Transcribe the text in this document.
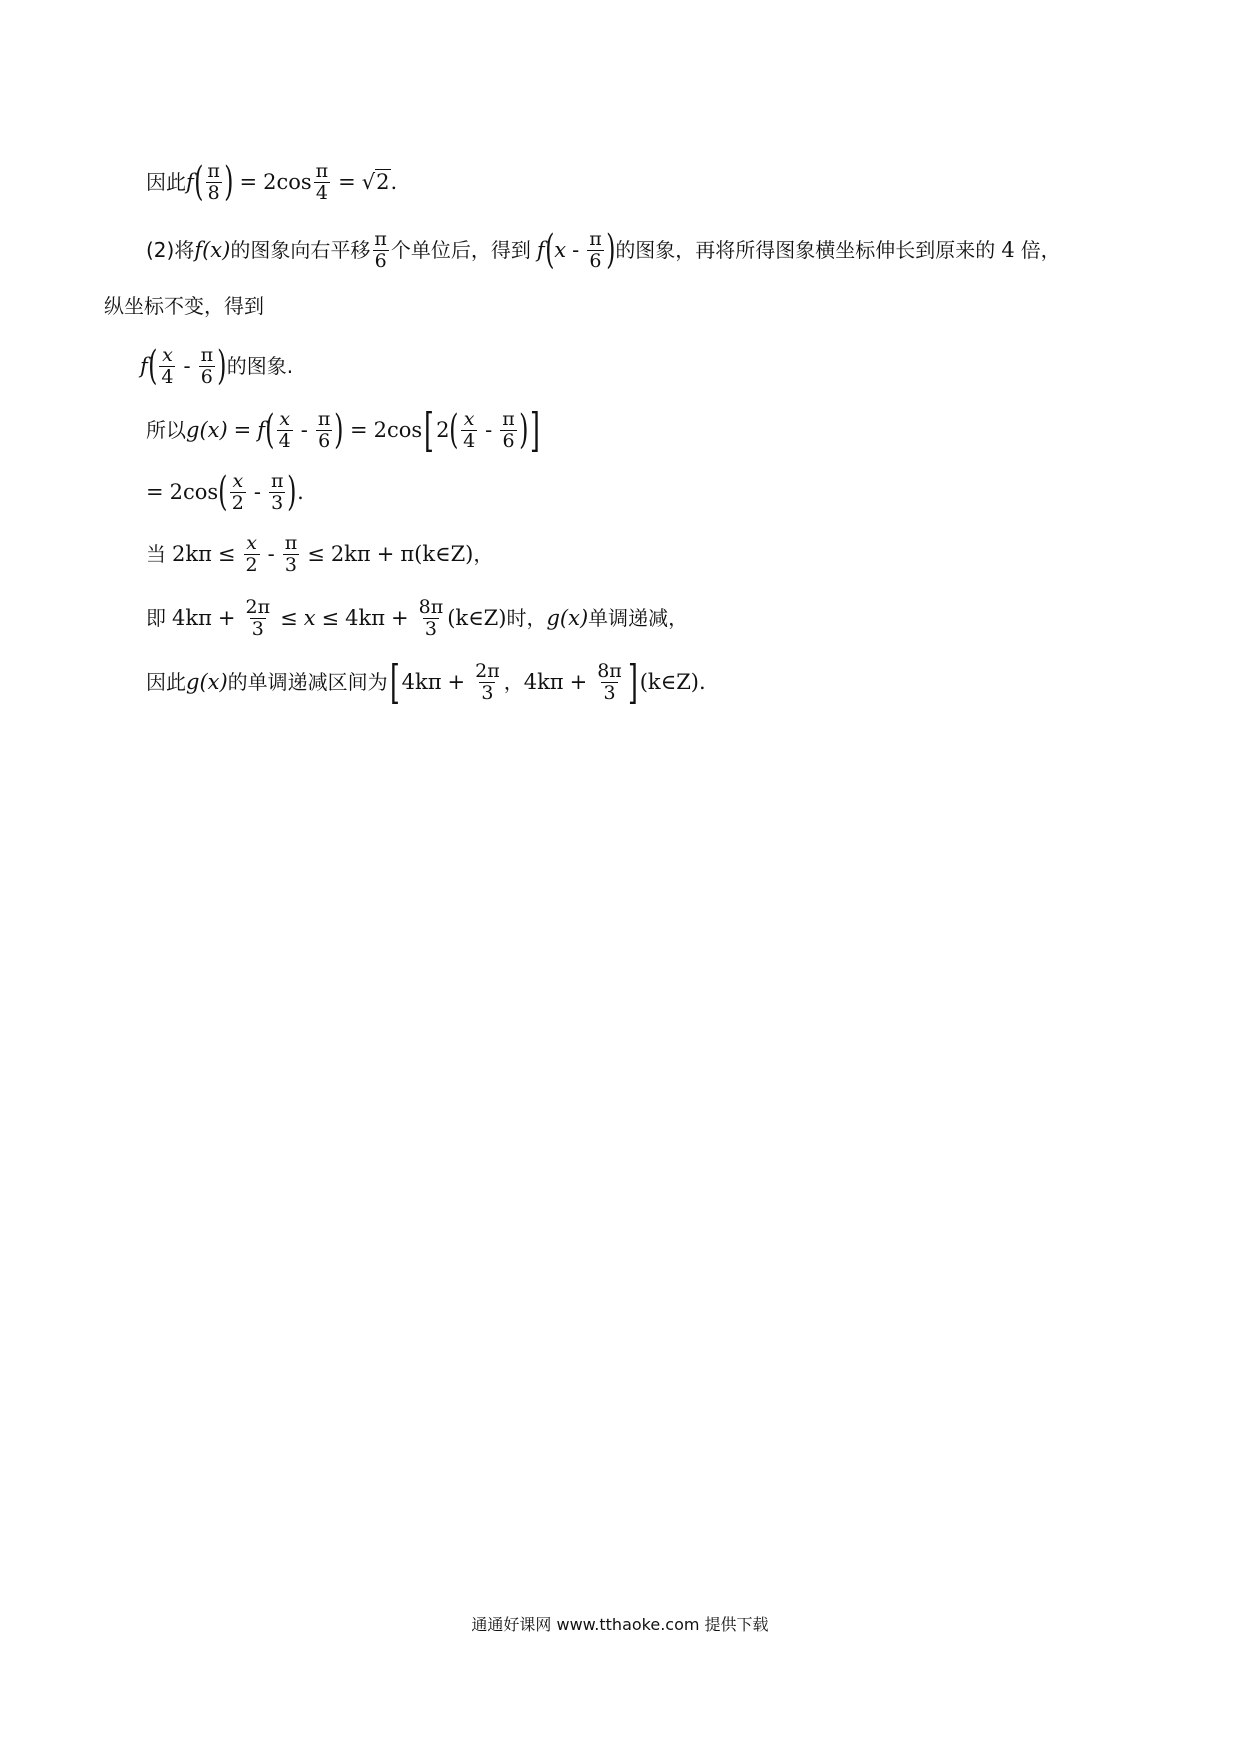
因此 f ( $\frac{\pi}{8}$ ) = $2\cos \frac{\pi}{4} = √2$ .
(2)将 f(x) 的图象向右平移 $\frac{\pi}{6}$ 个单位后，得到 f ( x - $\frac{\pi}{6}$ ) 的图象，再将所得图象横坐标伸长到原来的 4 倍，
纵坐标不变，得到
f ( $\frac{x}{4} - \frac{\pi}{6}$ ) 的图象.
所以 g(x) = f ( $\frac{x}{4} - \frac{\pi}{6}$ ) = 2cos [ 2 ( $\frac{x}{4} - \frac{\pi}{6}$ ) ]
= 2cos ( $\frac{x}{2} - \frac{\pi}{3}$ ) .
当 $2k\pi \le \frac{x}{2} - \frac{\pi}{3} \le 2k\pi + \pi$ (k∈Z) ，
即 $4k\pi + \frac{2\pi}{3} \le x \le 4k\pi + \frac{8\pi}{3}$ (k∈Z) 时， g(x) 单调递减，
因此 g(x) 的单调递减区间为 [ $4k\pi + \frac{2\pi}{3}$ ， $4k\pi + \frac{8\pi}{3}$ ] (k∈Z) .
通通好课网 www.tthaoke.com 提供下载
